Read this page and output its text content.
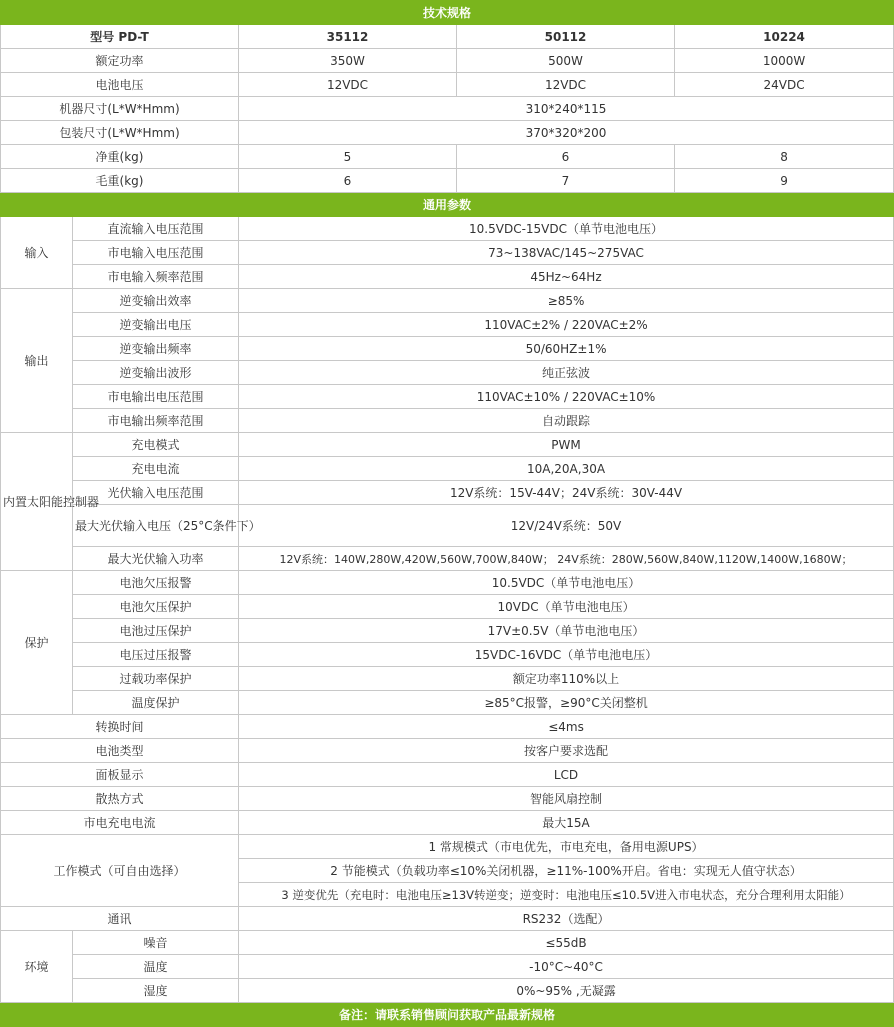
技术规格				
型号 PD-T		35112	50112	10224
额定功率		350W	500W	1000W
电池电压		12VDC	12VDC	24VDC
机器尺寸(L*W*Hmm)		310*240*115		
包装尺寸(L*W*Hmm)		370*320*200		
净重(kg)		5	6	8
毛重(kg)		6	7	9
通用参数				
输入	直流输入电压范围	10.5VDC-15VDC（单节电池电压）		
	市电输入电压范围	73~138VAC/145~275VAC		
	市电输入频率范围	45Hz~64Hz		
输出	逆变输出效率	≥85%		
	逆变输出电压	110VAC±2% / 220VAC±2%		
	逆变输出频率	50/60HZ±1%		
	逆变输出波形	纯正弦波		
	市电输出电压范围	110VAC±10% / 220VAC±10%		
	市电输出频率范围	自动跟踪		
内置太阳能控制器	充电模式	PWM		
	充电电流	10A,20A,30A		
	光伏输入电压范围	12V系统：15V-44V；24V系统：30V-44V		
	最大光伏输入电压（25°C条件下）	12V/24V系统：50V		
	最大光伏输入功率	12V系统：140W,280W,420W,560W,700W,840W； 24V系统：280W,560W,840W,1120W,1400W,1680W；		
保护	电池欠压报警	10.5VDC（单节电池电压）		
	电池欠压保护	10VDC（单节电池电压）		
	电池过压保护	17V±0.5V（单节电池电压）		
	电压过压报警	15VDC-16VDC（单节电池电压）		
	过载功率保护	额定功率110%以上		
	温度保护	≥85°C报警，≥90°C关闭整机		
转换时间		≤4ms		
电池类型		按客户要求选配		
面板显示		LCD		
散热方式		智能风扇控制		
市电充电电流		最大15A		
工作模式（可自由选择）		1 常规模式（市电优先，市电充电，备用电源UPS）		
		2 节能模式（负载功率≤10%关闭机器，≥11%-100%开启。省电：实现无人值守状态）		
		3 逆变优先（充电时：电池电压≥13V转逆变；逆变时：电池电压≤10.5V进入市电状态，充分合理利用太阳能）		
通讯		RS232（选配）		
环境	噪音	≤55dB		
	温度	-10°C~40°C		
	湿度	0%~95% ,无凝露		
备注：请联系销售顾问获取产品最新规格				
